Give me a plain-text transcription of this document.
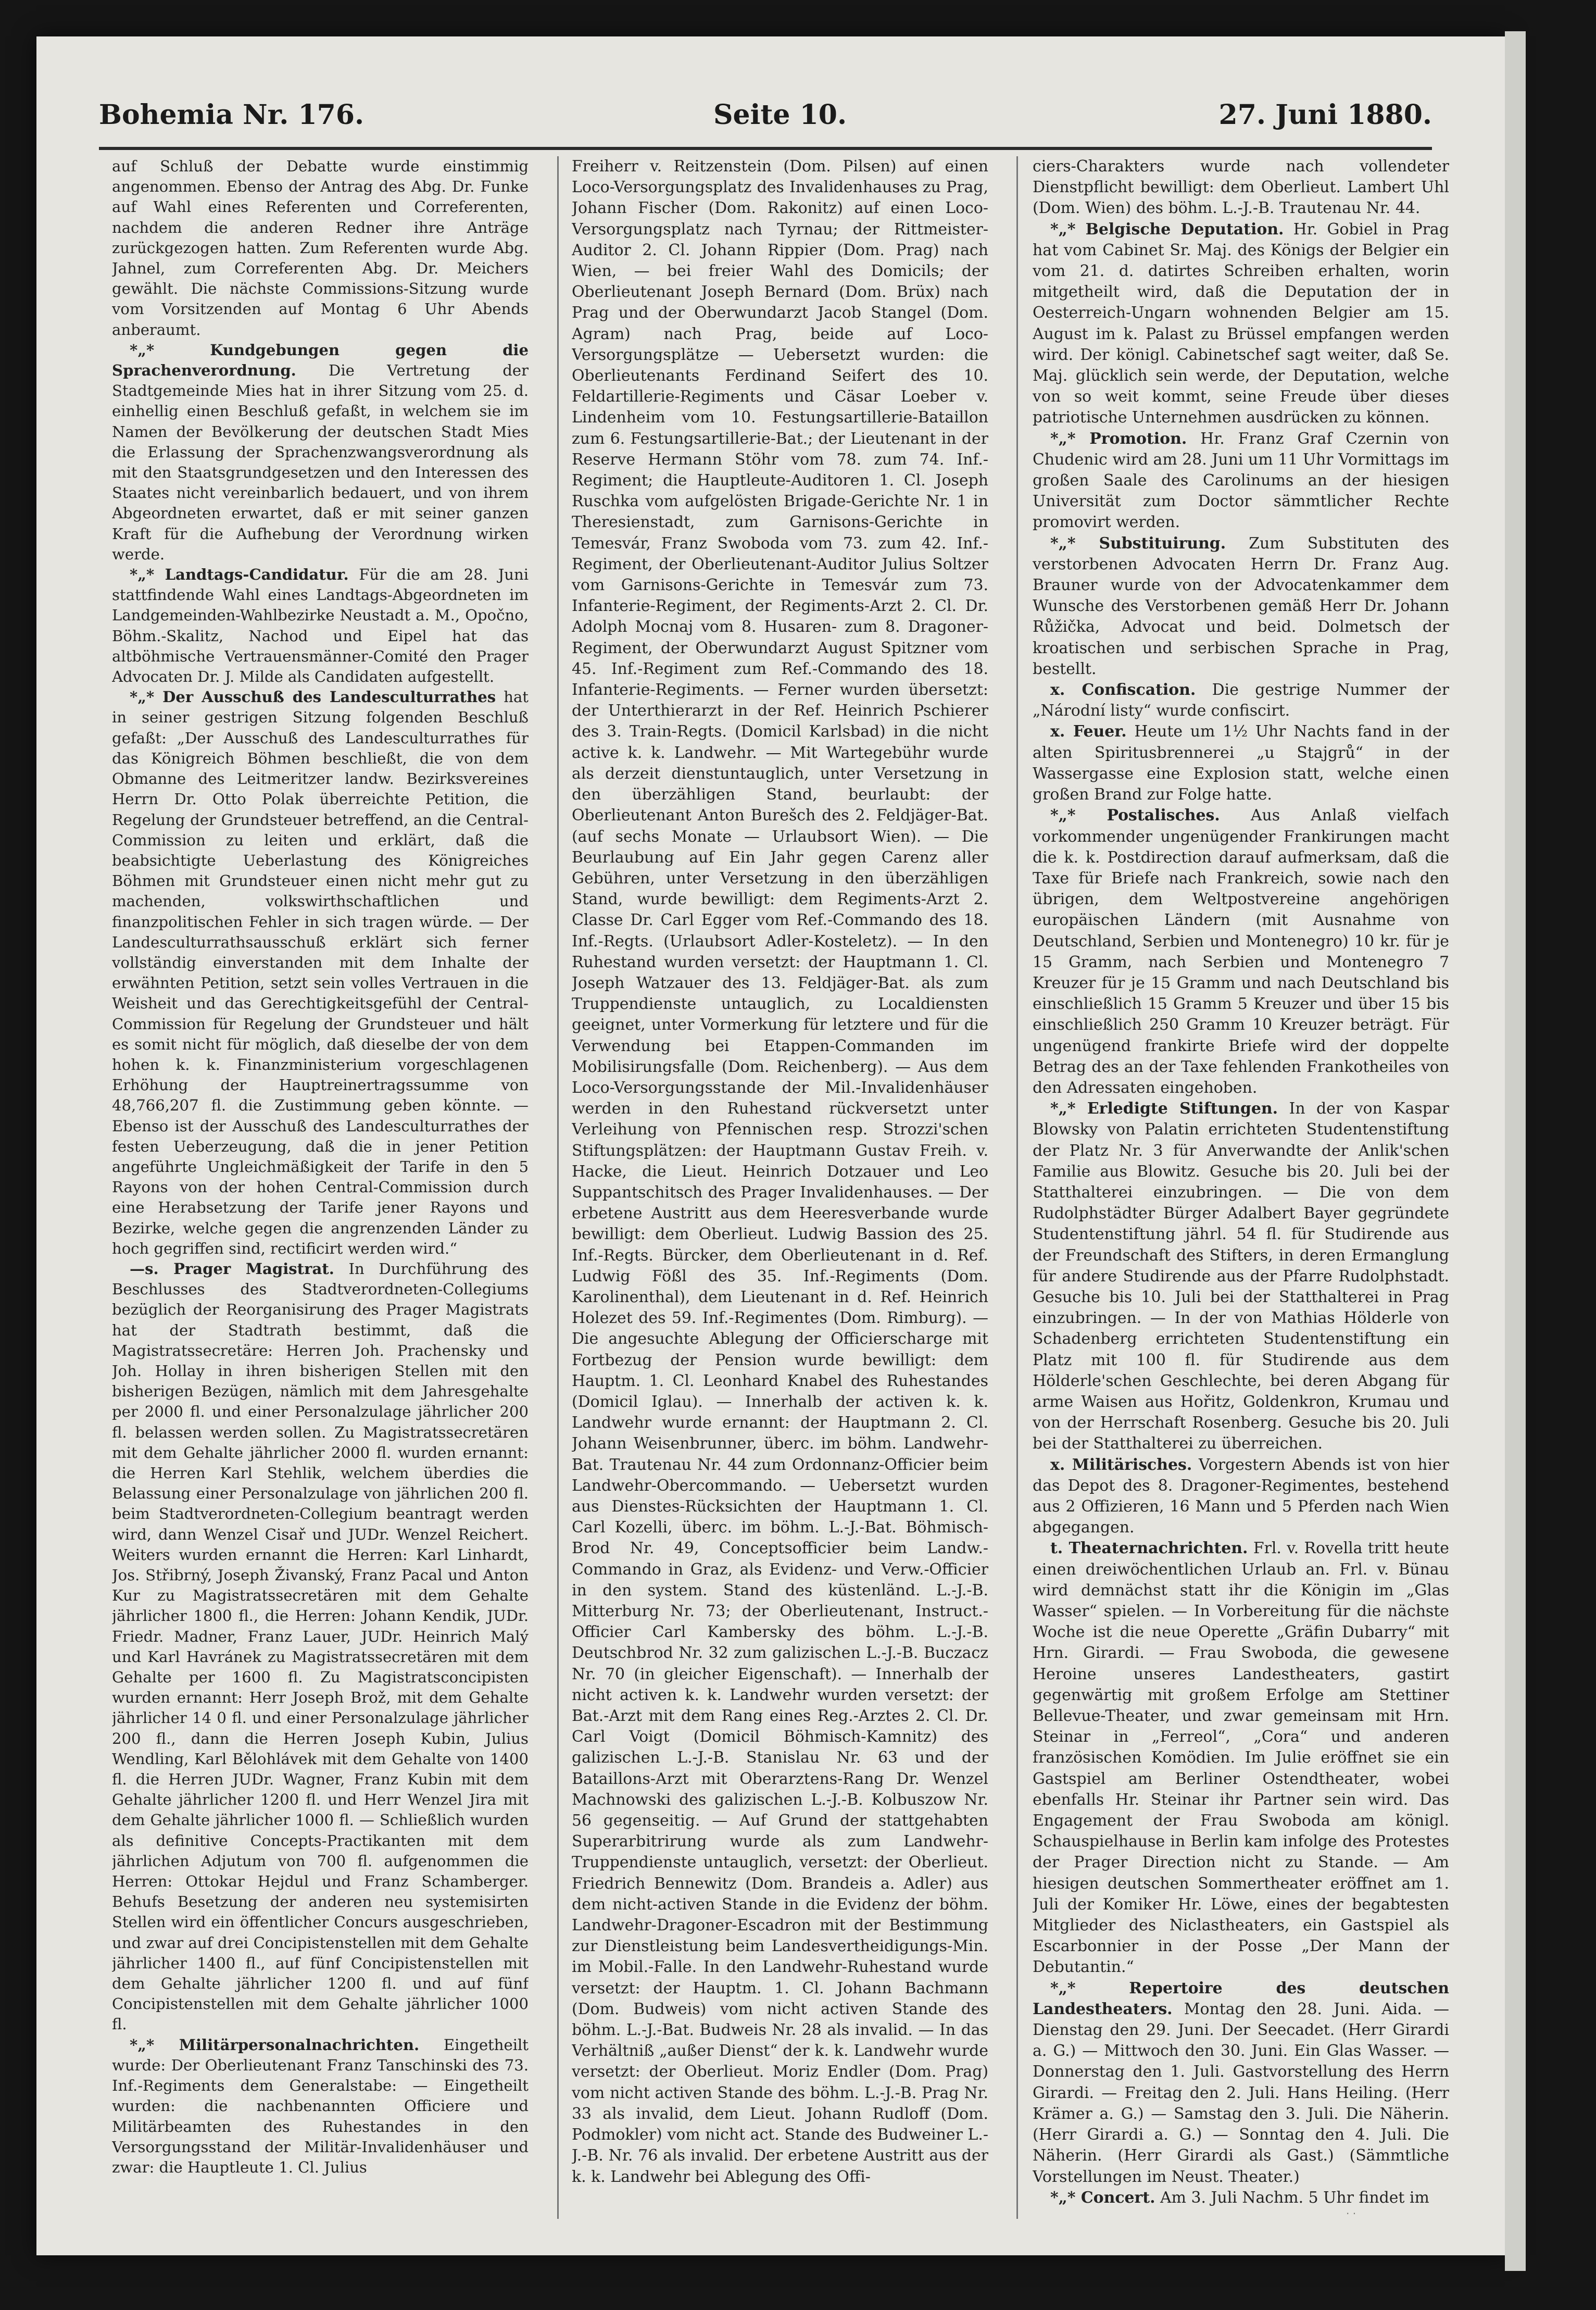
Bohemia Nr. 176.	Seite 10.	27. Juni 1880.

auf Schluß der Debatte wurde einstimmig angenommen. Ebenso der Antrag des Abg. Dr. Funke auf Wahl eines Referenten und Correferenten, nachdem die anderen Redner ihre Anträge zurückgezogen hatten. Zum Referenten wurde Abg. Jahnel, zum Correferenten Abg. Dr. Meichers gewählt. Die nächste Commissions-Sitzung wurde vom Vorsitzenden auf Montag 6 Uhr Abends anberaumt.

*„* Kundgebungen gegen die Sprachenverordnung. Die Vertretung der Stadtgemeinde Mies hat in ihrer Sitzung vom 25. d. einhellig einen Beschluß gefaßt, in welchem sie im Namen der Bevölkerung der deutschen Stadt Mies die Erlassung der Sprachenzwangsverordnung als mit den Staatsgrundgesetzen und den Interessen des Staates nicht vereinbarlich bedauert, und von ihrem Abgeordneten erwartet, daß er mit seiner ganzen Kraft für die Aufhebung der Verordnung wirken werde.

*„* Landtags-Candidatur. Für die am 28. Juni stattfindende Wahl eines Landtags-Abgeordneten im Landgemeinden-Wahlbezirke Neustadt a. M., Opočno, Böhm.-Skalitz, Nachod und Eipel hat das altböhmische Vertrauensmänner-Comité den Prager Advocaten Dr. J. Milde als Candidaten aufgestellt.

*„* Der Ausschuß des Landesculturrathes hat in seiner gestrigen Sitzung folgenden Beschluß gefaßt: „Der Ausschuß des Landesculturrathes für das Königreich Böhmen beschließt, die von dem Obmanne des Leitmeritzer landw. Bezirksvereines Herrn Dr. Otto Polak überreichte Petition, die Regelung der Grundsteuer betreffend, an die Central-Commission zu leiten und erklärt, daß die beabsichtigte Ueberlastung des Königreiches Böhmen mit Grundsteuer einen nicht mehr gut zu machenden, volkswirthschaftlichen und finanzpolitischen Fehler in sich tragen würde. — Der Landesculturrathsausschuß erklärt sich ferner vollständig einverstanden mit dem Inhalte der erwähnten Petition, setzt sein volles Vertrauen in die Weisheit und das Gerechtigkeitsgefühl der Central-Commission für Regelung der Grundsteuer und hält es somit nicht für möglich, daß dieselbe der von dem hohen k. k. Finanzministerium vorgeschlagenen Erhöhung der Hauptreinertragssumme von 48,766,207 fl. die Zustimmung geben könnte. — Ebenso ist der Ausschuß des Landesculturrathes der festen Ueberzeugung, daß die in jener Petition angeführte Ungleichmäßigkeit der Tarife in den 5 Rayons von der hohen Central-Commission durch eine Herabsetzung der Tarife jener Rayons und Bezirke, welche gegen die angrenzenden Länder zu hoch gegriffen sind, rectificirt werden wird.“

—s. Prager Magistrat. In Durchführung des Beschlusses des Stadtverordneten-Collegiums bezüglich der Reorganisirung des Prager Magistrats hat der Stadtrath bestimmt, daß die Magistratssecretäre: Herren Joh. Prachensky und Joh. Hollay in ihren bisherigen Stellen mit den bisherigen Bezügen, nämlich mit dem Jahresgehalte per 2000 fl. und einer Personalzulage jährlicher 200 fl. belassen werden sollen. Zu Magistratssecretären mit dem Gehalte jährlicher 2000 fl. wurden ernannt: die Herren Karl Stehlik, welchem überdies die Belassung einer Personalzulage von jährlichen 200 fl. beim Stadtverordneten-Collegium beantragt werden wird, dann Wenzel Cisař und JUDr. Wenzel Reichert. Weiters wurden ernannt die Herren: Karl Linhardt, Jos. Střibrný, Joseph Živanský, Franz Pacal und Anton Kur zu Magistratssecretären mit dem Gehalte jährlicher 1800 fl., die Herren: Johann Kendik, JUDr. Friedr. Madner, Franz Lauer, JUDr. Heinrich Malý und Karl Havránek zu Magistratssecretären mit dem Gehalte per 1600 fl. Zu Magistratsconcipisten wurden ernannt: Herr Joseph Brož, mit dem Gehalte jährlicher 14 0 fl. und einer Personalzulage jährlicher 200 fl., dann die Herren Joseph Kubin, Julius Wendling, Karl Bělohlávek mit dem Gehalte von 1400 fl. die Herren JUDr. Wagner, Franz Kubin mit dem Gehalte jährlicher 1200 fl. und Herr Wenzel Jira mit dem Gehalte jährlicher 1000 fl. — Schließlich wurden als definitive Concepts-Practikanten mit dem jährlichen Adjutum von 700 fl. aufgenommen die Herren: Ottokar Hejdul und Franz Schamberger. Behufs Besetzung der anderen neu systemisirten Stellen wird ein öffentlicher Concurs ausgeschrieben, und zwar auf drei Concipistenstellen mit dem Gehalte jährlicher 1400 fl., auf fünf Concipistenstellen mit dem Gehalte jährlicher 1200 fl. und auf fünf Concipistenstellen mit dem Gehalte jährlicher 1000 fl.

*„* Militärpersonalnachrichten. Eingetheilt wurde: Der Oberlieutenant Franz Tanschinski des 73. Inf.-Regiments dem Generalstabe: — Eingetheilt wurden: die nachbenannten Officiere und Militärbeamten des Ruhestandes in den Versorgungsstand der Militär-Invalidenhäuser und zwar: die Hauptleute 1. Cl. Julius

Freiherr v. Reitzenstein (Dom. Pilsen) auf einen Loco-Versorgungsplatz des Invalidenhauses zu Prag, Johann Fischer (Dom. Rakonitz) auf einen Loco-Versorgungsplatz nach Tyrnau; der Rittmeister-Auditor 2. Cl. Johann Rippier (Dom. Prag) nach Wien, — bei freier Wahl des Domicils; der Oberlieutenant Joseph Bernard (Dom. Brüx) nach Prag und der Oberwundarzt Jacob Stangel (Dom. Agram) nach Prag, beide auf Loco-Versorgungsplätze — Uebersetzt wurden: die Oberlieutenants Ferdinand Seifert des 10. Feldartillerie-Regiments und Cäsar Loeber v. Lindenheim vom 10. Festungsartillerie-Bataillon zum 6. Festungsartillerie-Bat.; der Lieutenant in der Reserve Hermann Stöhr vom 78. zum 74. Inf.-Regiment; die Hauptleute-Auditoren 1. Cl. Joseph Ruschka vom aufgelösten Brigade-Gerichte Nr. 1 in Theresienstadt, zum Garnisons-Gerichte in Temesvár, Franz Swoboda vom 73. zum 42. Inf.-Regiment, der Oberlieutenant-Auditor Julius Soltzer vom Garnisons-Gerichte in Temesvár zum 73. Infanterie-Regiment, der Regiments-Arzt 2. Cl. Dr. Adolph Mocnaj vom 8. Husaren- zum 8. Dragoner-Regiment, der Oberwundarzt August Spitzner vom 45. Inf.-Regiment zum Ref.-Commando des 18. Infanterie-Regiments. — Ferner wurden übersetzt: der Unterthierarzt in der Ref. Heinrich Pschierer des 3. Train-Regts. (Domicil Karlsbad) in die nicht active k. k. Landwehr. — Mit Wartegebühr wurde als derzeit dienstuntauglich, unter Versetzung in den überzähligen Stand, beurlaubt: der Oberlieutenant Anton Burešch des 2. Feldjäger-Bat. (auf sechs Monate — Urlaubsort Wien). — Die Beurlaubung auf Ein Jahr gegen Carenz aller Gebühren, unter Versetzung in den überzähligen Stand, wurde bewilligt: dem Regiments-Arzt 2. Classe Dr. Carl Egger vom Ref.-Commando des 18. Inf.-Regts. (Urlaubsort Adler-Kosteletz). — In den Ruhestand wurden versetzt: der Hauptmann 1. Cl. Joseph Watzauer des 13. Feldjäger-Bat. als zum Truppendienste untauglich, zu Localdiensten geeignet, unter Vormerkung für letztere und für die Verwendung bei Etappen-Commanden im Mobilisirungsfalle (Dom. Reichenberg). — Aus dem Loco-Versorgungsstande der Mil.-Invalidenhäuser werden in den Ruhestand rückversetzt unter Verleihung von Pfennischen resp. Strozzi'schen Stiftungsplätzen: der Hauptmann Gustav Freih. v. Hacke, die Lieut. Heinrich Dotzauer und Leo Suppantschitsch des Prager Invalidenhauses. — Der erbetene Austritt aus dem Heeresverbande wurde bewilligt: dem Oberlieut. Ludwig Bassion des 25. Inf.-Regts. Bürcker, dem Oberlieutenant in d. Ref. Ludwig Fößl des 35. Inf.-Regiments (Dom. Karolinenthal), dem Lieutenant in d. Ref. Heinrich Holezet des 59. Inf.-Regimentes (Dom. Rimburg). — Die angesuchte Ablegung der Officierscharge mit Fortbezug der Pension wurde bewilligt: dem Hauptm. 1. Cl. Leonhard Knabel des Ruhestandes (Domicil Iglau). — Innerhalb der activen k. k. Landwehr wurde ernannt: der Hauptmann 2. Cl. Johann Weisenbrunner, überc. im böhm. Landwehr-Bat. Trautenau Nr. 44 zum Ordonnanz-Officier beim Landwehr-Obercommando. — Uebersetzt wurden aus Dienstes-Rücksichten der Hauptmann 1. Cl. Carl Kozelli, überc. im böhm. L.-J.-Bat. Böhmisch-Brod Nr. 49, Conceptsofficier beim Landw.-Commando in Graz, als Evidenz- und Verw.-Officier in den system. Stand des küstenländ. L.-J.-B. Mitterburg Nr. 73; der Oberlieutenant, Instruct.-Officier Carl Kambersky des böhm. L.-J.-B. Deutschbrod Nr. 32 zum galizischen L.-J.-B. Buczacz Nr. 70 (in gleicher Eigenschaft). — Innerhalb der nicht activen k. k. Landwehr wurden versetzt: der Bat.-Arzt mit dem Rang eines Reg.-Arztes 2. Cl. Dr. Carl Voigt (Domicil Böhmisch-Kamnitz) des galizischen L.-J.-B. Stanislau Nr. 63 und der Bataillons-Arzt mit Oberarztens-Rang Dr. Wenzel Machnowski des galizischen L.-J.-B. Kolbuszow Nr. 56 gegenseitig. — Auf Grund der stattgehabten Superarbitrirung wurde als zum Landwehr-Truppendienste untauglich, versetzt: der Oberlieut. Friedrich Bennewitz (Dom. Brandeis a. Adler) aus dem nicht-activen Stande in die Evidenz der böhm. Landwehr-Dragoner-Escadron mit der Bestimmung zur Dienstleistung beim Landesvertheidigungs-Min. im Mobil.-Falle. In den Landwehr-Ruhestand wurde versetzt: der Hauptm. 1. Cl. Johann Bachmann (Dom. Budweis) vom nicht activen Stande des böhm. L.-J.-Bat. Budweis Nr. 28 als invalid. — In das Verhältniß „außer Dienst“ der k. k. Landwehr wurde versetzt: der Oberlieut. Moriz Endler (Dom. Prag) vom nicht activen Stande des böhm. L.-J.-B. Prag Nr. 33 als invalid, dem Lieut. Johann Rudloff (Dom. Podmokler) vom nicht act. Stande des Budweiner L.-J.-B. Nr. 76 als invalid. Der erbetene Austritt aus der k. k. Landwehr bei Ablegung des Offi-

ciers-Charakters wurde nach vollendeter Dienstpflicht bewilligt: dem Oberlieut. Lambert Uhl (Dom. Wien) des böhm. L.-J.-B. Trautenau Nr. 44.

*„* Belgische Deputation. Hr. Gobiel in Prag hat vom Cabinet Sr. Maj. des Königs der Belgier ein vom 21. d. datirtes Schreiben erhalten, worin mitgetheilt wird, daß die Deputation der in Oesterreich-Ungarn wohnenden Belgier am 15. August im k. Palast zu Brüssel empfangen werden wird. Der königl. Cabinetschef sagt weiter, daß Se. Maj. glücklich sein werde, der Deputation, welche von so weit kommt, seine Freude über dieses patriotische Unternehmen ausdrücken zu können.

*„* Promotion. Hr. Franz Graf Czernin von Chudenic wird am 28. Juni um 11 Uhr Vormittags im großen Saale des Carolinums an der hiesigen Universität zum Doctor sämmtlicher Rechte promovirt werden.

*„* Substituirung. Zum Substituten des verstorbenen Advocaten Herrn Dr. Franz Aug. Brauner wurde von der Advocatenkammer dem Wunsche des Verstorbenen gemäß Herr Dr. Johann Růžička, Advocat und beid. Dolmetsch der kroatischen und serbischen Sprache in Prag, bestellt.

x. Confiscation. Die gestrige Nummer der „Národní listy“ wurde confiscirt.

x. Feuer. Heute um 1½ Uhr Nachts fand in der alten Spiritusbrennerei „u Stajgrů“ in der Wassergasse eine Explosion statt, welche einen großen Brand zur Folge hatte.

*„* Postalisches. Aus Anlaß vielfach vorkommender ungenügender Frankirungen macht die k. k. Postdirection darauf aufmerksam, daß die Taxe für Briefe nach Frankreich, sowie nach den übrigen, dem Weltpostvereine angehörigen europäischen Ländern (mit Ausnahme von Deutschland, Serbien und Montenegro) 10 kr. für je 15 Gramm, nach Serbien und Montenegro 7 Kreuzer für je 15 Gramm und nach Deutschland bis einschließlich 15 Gramm 5 Kreuzer und über 15 bis einschließlich 250 Gramm 10 Kreuzer beträgt. Für ungenügend frankirte Briefe wird der doppelte Betrag des an der Taxe fehlenden Frankotheiles von den Adressaten eingehoben.

*„* Erledigte Stiftungen. In der von Kaspar Blowsky von Palatin errichteten Studentenstiftung der Platz Nr. 3 für Anverwandte der Anlik'schen Familie aus Blowitz. Gesuche bis 20. Juli bei der Statthalterei einzubringen. — Die von dem Rudolphstädter Bürger Adalbert Bayer gegründete Studentenstiftung jährl. 54 fl. für Studirende aus der Freundschaft des Stifters, in deren Ermanglung für andere Studirende aus der Pfarre Rudolphstadt. Gesuche bis 10. Juli bei der Statthalterei in Prag einzubringen. — In der von Mathias Hölderle von Schadenberg errichteten Studentenstiftung ein Platz mit 100 fl. für Studirende aus dem Hölderle'schen Geschlechte, bei deren Abgang für arme Waisen aus Hořitz, Goldenkron, Krumau und von der Herrschaft Rosenberg. Gesuche bis 20. Juli bei der Statthalterei zu überreichen.

x. Militärisches. Vorgestern Abends ist von hier das Depot des 8. Dragoner-Regimentes, bestehend aus 2 Offizieren, 16 Mann und 5 Pferden nach Wien abgegangen.

t. Theaternachrichten. Frl. v. Rovella tritt heute einen dreiwöchentlichen Urlaub an. Frl. v. Bünau wird demnächst statt ihr die Königin im „Glas Wasser“ spielen. — In Vorbereitung für die nächste Woche ist die neue Operette „Gräfin Dubarry“ mit Hrn. Girardi. — Frau Swoboda, die gewesene Heroine unseres Landestheaters, gastirt gegenwärtig mit großem Erfolge am Stettiner Bellevue-Theater, und zwar gemeinsam mit Hrn. Steinar in „Ferreol“, „Cora“ und anderen französischen Komödien. Im Julie eröffnet sie ein Gastspiel am Berliner Ostendtheater, wobei ebenfalls Hr. Steinar ihr Partner sein wird. Das Engagement der Frau Swoboda am königl. Schauspielhause in Berlin kam infolge des Protestes der Prager Direction nicht zu Stande. — Am hiesigen deutschen Sommertheater eröffnet am 1. Juli der Komiker Hr. Löwe, eines der begabtesten Mitglieder des Niclastheaters, ein Gastspiel als Escarbonnier in der Posse „Der Mann der Debutantin.“

*„* Repertoire des deutschen Landestheaters. Montag den 28. Juni. Aida. — Dienstag den 29. Juni. Der Seecadet. (Herr Girardi a. G.) — Mittwoch den 30. Juni. Ein Glas Wasser. — Donnerstag den 1. Juli. Gastvorstellung des Herrn Girardi. — Freitag den 2. Juli. Hans Heiling. (Herr Krämer a. G.) — Samstag den 3. Juli. Die Näherin. (Herr Girardi a. G.) — Sonntag den 4. Juli. Die Näherin. (Herr Girardi als Gast.) (Sämmtliche Vorstellungen im Neust. Theater.)

*„* Concert. Am 3. Juli Nachm. 5 Uhr findet im

‧ ‧
